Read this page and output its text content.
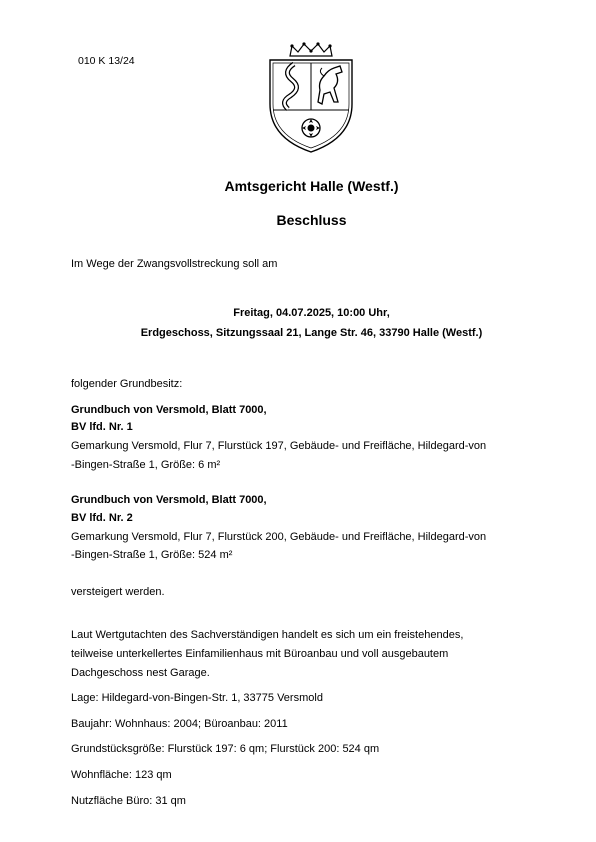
010 K 13/24
Amtsgericht Halle (Westf.)
Beschluss
Im Wege der Zwangsvollstreckung soll am
Freitag, 04.07.2025, 10:00 Uhr,
Erdgeschoss, Sitzungssaal 21, Lange Str. 46, 33790 Halle (Westf.)
folgender Grundbesitz:
Grundbuch von Versmold, Blatt 7000,
BV lfd. Nr. 1
Gemarkung Versmold, Flur 7, Flurstück 197, Gebäude- und Freifläche, Hildegard-von
-Bingen-Straße 1, Größe: 6 m²
Grundbuch von Versmold, Blatt 7000,
BV lfd. Nr. 2
Gemarkung Versmold, Flur 7, Flurstück 200, Gebäude- und Freifläche, Hildegard-von
-Bingen-Straße 1, Größe: 524 m²
versteigert werden.
Laut Wertgutachten des Sachverständigen handelt es sich um ein freistehendes,
teilweise unterkellertes Einfamilienhaus mit Büroanbau und voll ausgebautem
Dachgeschoss nest Garage.
Lage: Hildegard-von-Bingen-Str. 1, 33775 Versmold
Baujahr: Wohnhaus: 2004; Büroanbau: 2011
Grundstücksgröße: Flurstück 197: 6 qm; Flurstück 200: 524 qm
Wohnfläche: 123 qm
Nutzfläche Büro: 31 qm
